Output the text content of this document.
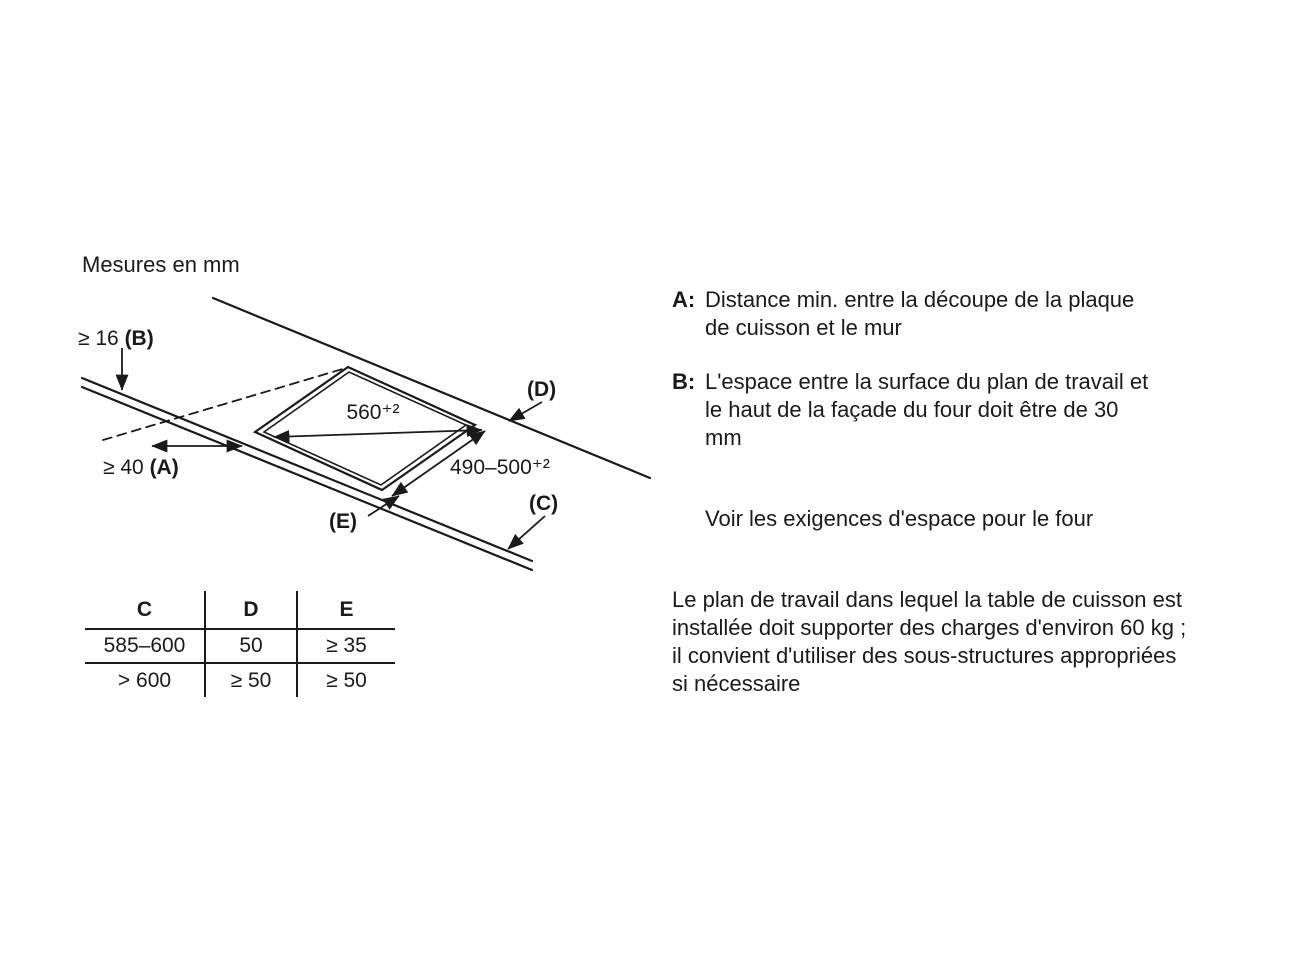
Mesures en mm
≥ 16 (B)
≥ 40 (A)
560⁺²
490–500⁺²
(D)
(C)
(E)
C	D	E
585–600	50	≥ 35
> 600	≥ 50	≥ 50
A: Distance min. entre la découpe de la plaque de cuisson et le mur
B: L'espace entre la surface du plan de travail et le haut de la façade du four doit être de 30 mm
Voir les exigences d'espace pour le four
Le plan de travail dans lequel la table de cuisson est installée doit supporter des charges d'environ 60 kg ; il convient d'utiliser des sous-structures appropriées si nécessaire
